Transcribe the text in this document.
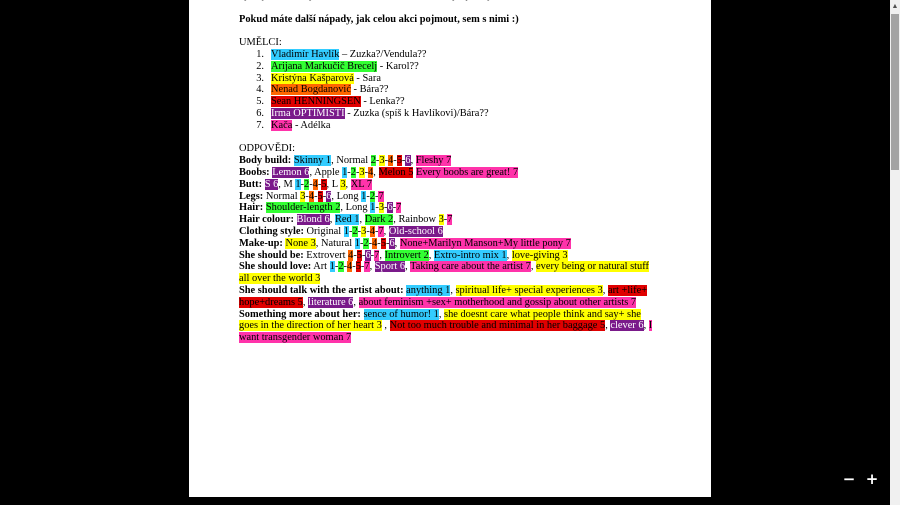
Pokud máte další nápady, jak celou akci pojmout, sem s nimi :)
UMĚLCI:
1. Vladimír Havlík – Zuzka?/Vendula??
2. Arijana Markučič Brecelj - Karol??
3. Kristýna Kašparová - Sara
4. Nenad Bogdanović - Bára??
5. Sean HENNINGSEN - Lenka??
6. Irma OPTIMISTI - Zuzka (spíš k Havlíkovi)/Bára??
7. Kača - Adélka
ODPOVĚDI:
Body build: Skinny 1, Normal 2-3-4-5-6, Fleshy 7
Boobs: Lemon 6, Apple 1-2-3-4, Melon 5 Every boobs are great! 7
Butt: S 6, M 1-2-4-5, L 3, XL 7
Legs: Normal 3-4-5-6, Long 1-2-7
Hair: Shoulder-length 2, Long 1-3-6-7
Hair colour: Blond 6, Red 1, Dark 2, Rainbow 3-7
Clothing style: Original 1-2-3-4-7, Old-school 6
Make-up: None 3, Natural 1-2-4-5-6, None+Marilyn Manson+My little pony 7
She should be: Extrovert 4-5-6-7, Introvert 2, Extro-intro mix 1, love-giving 3
She should love: Art 1-2-4-5-7, Sport 6, Taking care about the artist 7, every being or natural stuff
all over the world 3
She should talk with the artist about: anything 1, spiritual life+ special experiences 3, art +life+
hope+dreams 5, literature 6, about feminism +sex+ motherhood and gossip about other artists 7
Something more about her: sence of humor! 1, she doesnt care what people think and say+ she
goes in the direction of her heart 3 , Not too much trouble and minimal in her baggage 5, clever 6, I
want transgender woman 7
▲
− +
